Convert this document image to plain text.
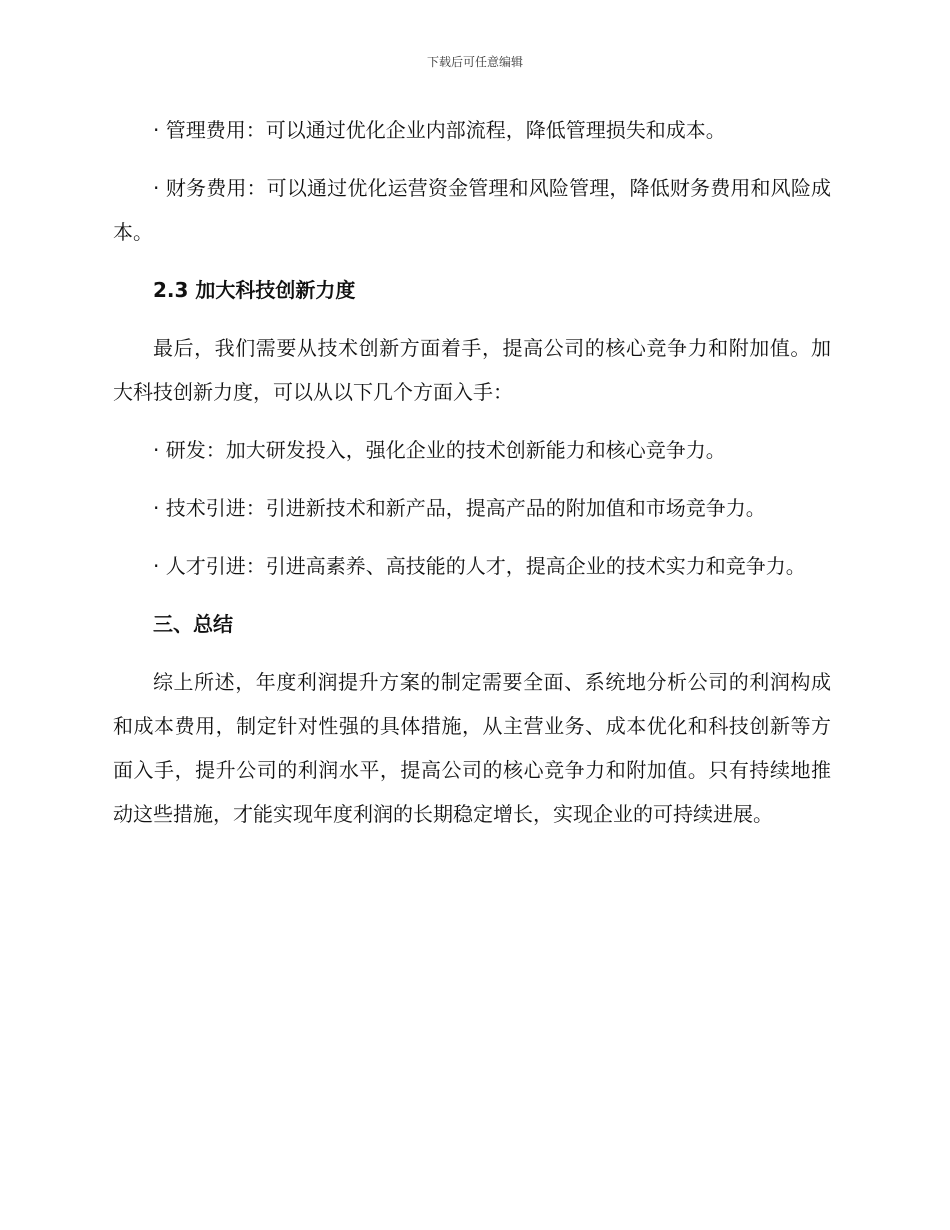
下载后可任意编辑

· 管理费用：可以通过优化企业内部流程，降低管理损失和成本。

· 财务费用：可以通过优化运营资金管理和风险管理，降低财务费用和风险成本。

2.3 加大科技创新力度

最后，我们需要从技术创新方面着手，提高公司的核心竞争力和附加值。加大科技创新力度，可以从以下几个方面入手：

· 研发：加大研发投入，强化企业的技术创新能力和核心竞争力。

· 技术引进：引进新技术和新产品，提高产品的附加值和市场竞争力。

· 人才引进：引进高素养、高技能的人才，提高企业的技术实力和竞争力。

三、总结

综上所述，年度利润提升方案的制定需要全面、系统地分析公司的利润构成和成本费用，制定针对性强的具体措施，从主营业务、成本优化和科技创新等方面入手，提升公司的利润水平，提高公司的核心竞争力和附加值。只有持续地推动这些措施，才能实现年度利润的长期稳定增长，实现企业的可持续进展。
